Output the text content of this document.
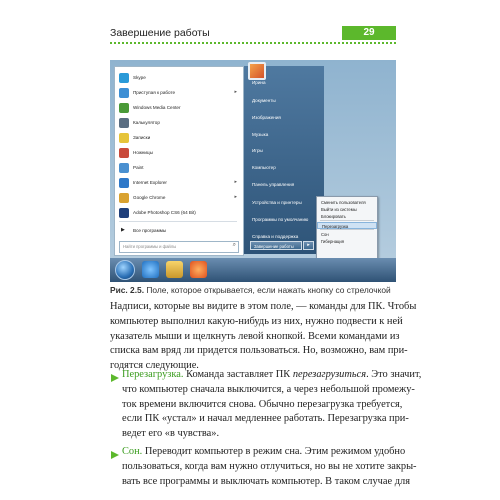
Завершение работы	29
Skype
Приступая к работе	▸
Windows Media Center
Калькулятор
Записки
Ножницы
Paint
Internet Explorer	▸
Google Chrome	▸
Adobe Photoshop CS6 (64 Bit)
▶ Все программы
Найти программы и файлы	⌕
Ирина
Документы
Изображения
Музыка
Игры
Компьютер
Панель управления
Устройства и принтеры
Программы по умолчанию
Справка и поддержка
Завершение работы	▸
Сменить пользователя
Выйти из системы
Блокировать
Перезагрузка
Сон
Гибернация
Рис. 2.5. Поле, которое открывается, если нажать кнопку со стрелочкой
Надписи, которые вы видите в этом поле, — команды для ПК. Чтобы
компьютер выполнил какую-нибудь из них, нужно подвести к ней
указатель мыши и щелкнуть левой кнопкой. Всеми командами из
списка вам вряд ли придется пользоваться. Но, возможно, вам при-
годятся следующие.
Перезагрузка. Команда заставляет ПК перезагрузиться. Это значит,
что компьютер сначала выключится, а через небольшой промежу-
ток времени включится снова. Обычно перезагрузка требуется,
если ПК «устал» и начал медленнее работать. Перезагрузка при-
ведет его «в чувства».
Сон. Переводит компьютер в режим сна. Этим режимом удобно
пользоваться, когда вам нужно отлучиться, но вы не хотите закры-
вать все программы и выключать компьютер. В таком случае для
